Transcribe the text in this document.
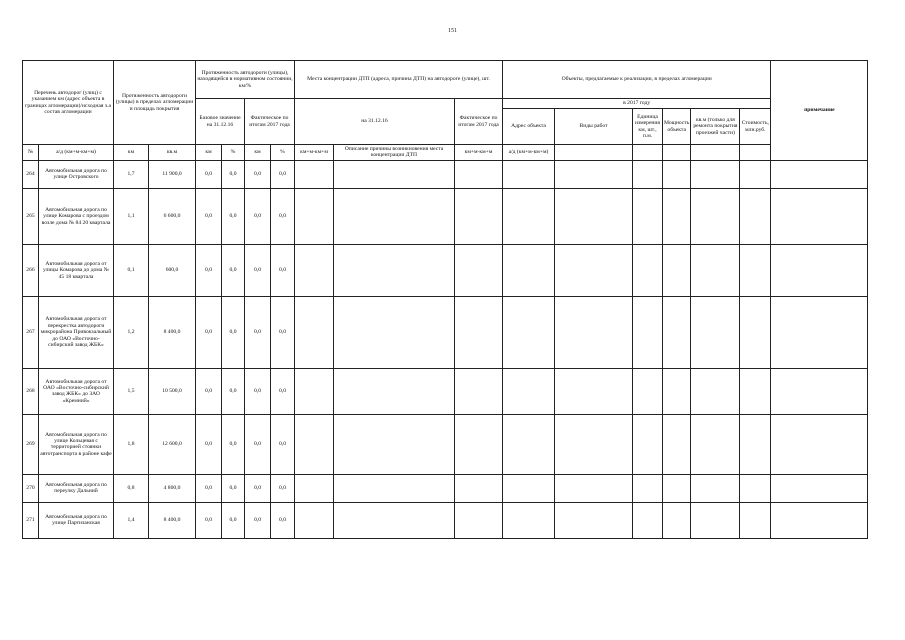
151
Перечень автодорог (улиц) с указанием км (адрес объекта в границах агломерации)/исходная з.а состав агломерации		Протяженность автодороги (улицы) в пределах агломерации и площадь покрытия		Протяженность автодороги (улицы), находящейся в нормативном состоянии, км/%				Места концентрации ДТП (адреса, причина ДТП) на автодороге (улице), шт.			Объекты, предлагаемые к реализации, в пределах агломерации						примечание
				Базовое значение на 31.12.16		Фактическое по итогам 2017 года		на 31.12.16		Фактическое по итогам 2017 года	в 2017 году						
											Адрес объекта	Виды работ	Единица измерения км, шт., п.м.	Мощность объекта	кв.м (только для ремонта покрытия проезжей части)	Стоимость, млн.руб.	
№	а/д (км+м-км+м)	км	кв.м	км	%	км	%	км+м-км+м	Описание причины возникновения места концентрации ДТП	км+м-км+м	а/д (км+м-км+м)						
264	Автомобильная дорога по улице Островского	1,7	11 900,0	0,0	0,0	0,0	0,0										
265	Автомобильная дорога по улице Комарова с проездом возле дома № 84 20 квартала	1,1	6 600,0	0,0	0,0	0,0	0,0										
266	Автомобильная дорога от улицы Комарова до дома № 45 18 квартала	0,1	600,0	0,0	0,0	0,0	0,0										
267	Автомобильная дорога от перекрестка автодороги микрорайона Привокзальный до ОАО «Восточно-сибирский завод ЖБК»	1,2	8 400,0	0,0	0,0	0,0	0,0										
268	Автомобильная дорога от ОАО «Восточно-сибирский завод ЖБК» до ЗАО «Кремний»	1,5	10 500,0	0,0	0,0	0,0	0,0										
269	Автомобильная дорога по улице Кольцевая с территорией стоянки автотранспорта в районе кафе	1,8	12 600,0	0,0	0,0	0,0	0,0										
270	Автомобильная дорога по переулку Дальний	0,8	4 800,0	0,0	0,0	0,0	0,0										
271	Автомобильная дорога по улице Партизанская	1,4	8 400,0	0,0	0,0	0,0	0,0										
